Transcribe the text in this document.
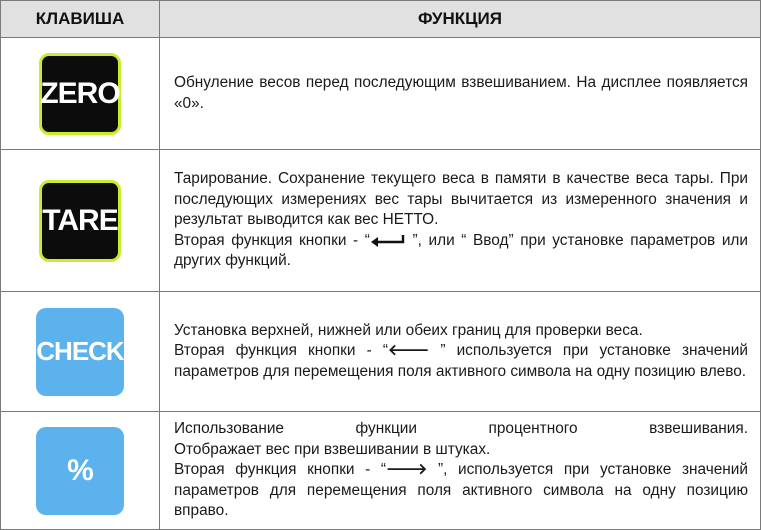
КЛАВИША	ФУНКЦИЯ
ZERO	Обнуление весов перед последующим взвешиванием. На дисплее появляется «0».

TARE	Тарирование. Сохранение текущего веса в памяти в качестве веса тары. При последующих измерениях вес тары вычитается из измеренного значения и результат выводится как вес НЕТТО.

Вторая функция кнопки - “ ”, или “ Ввод” при установке параметров или других функций.

CHECK	Установка верхней, нижней или обеих границ для проверки веса.

Вторая функция кнопки - “🡐 ” используется при установке значений параметров для перемещения поля активного символа на одну позицию влево.

%	Использование функции процентного взвешивания.

Отображает вес при взвешивании в штуках.

Вторая функция кнопки - “🡒 ”, используется при установке значений параметров для перемещения поля активного символа на одну позицию вправо.
